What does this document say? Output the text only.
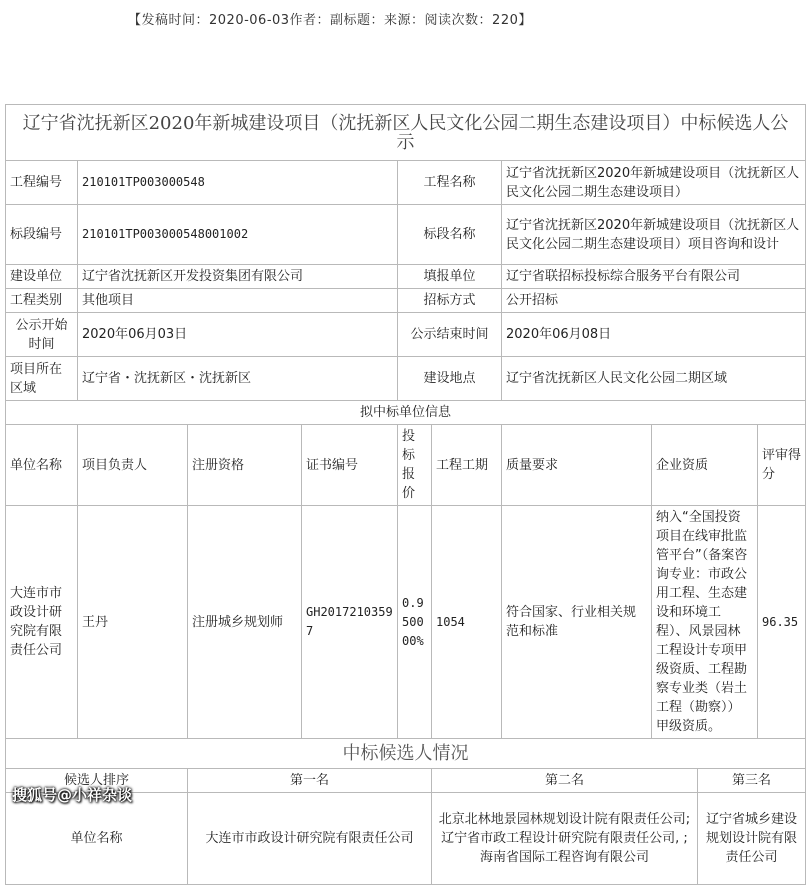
【发稿时间：2020-06-03作者：副标题：来源：阅读次数：220】
辽宁省沈抚新区2020年新城建设项目（沈抚新区人民文化公园二期生态建设项目）中标候选人公示									
工程编号	210101TP003000548			工程名称		辽宁省沈抚新区2020年新城建设项目（沈抚新区人民文化公园二期生态建设项目）			
标段编号	210101TP003000548001002			标段名称		辽宁省沈抚新区2020年新城建设项目（沈抚新区人民文化公园二期生态建设项目）项目咨询和设计			
建设单位	辽宁省沈抚新区开发投资集团有限公司			填报单位		辽宁省联招标投标综合服务平台有限公司			
工程类别	其他项目			招标方式		公开招标			
公示开始时间	2020年06月03日			公示结束时间		2020年06月08日			
项目所在区域	辽宁省・沈抚新区・沈抚新区			建设地点		辽宁省沈抚新区人民文化公园二期区域			
拟中标单位信息									
单位名称	项目负责人	注册资格	证书编号	投标报价	工程工期	质量要求	企业资质		评审得分
大连市市政设计研究院有限责任公司	王丹	注册城乡规划师	GH20172103597	0.950000%	1054	符合国家、行业相关规范和标准	纳入“全国投资项目在线审批监管平台”（备案咨询专业：市政公用工程、生态建设和环境工程）、风景园林工程设计专项甲级资质、工程勘察专业类（岩土工程（勘察））甲级资质。		96.35
中标候选人情况									
候选人排序		第一名			第二名			第三名	
单位名称		大连市市政设计研究院有限责任公司			北京北林地景园林规划设计院有限责任公司;辽宁省市政工程设计研究院有限责任公司, ;海南省国际工程咨询有限公司			辽宁省城乡建设规划设计院有限责任公司	
搜狐号@小祥杂谈
